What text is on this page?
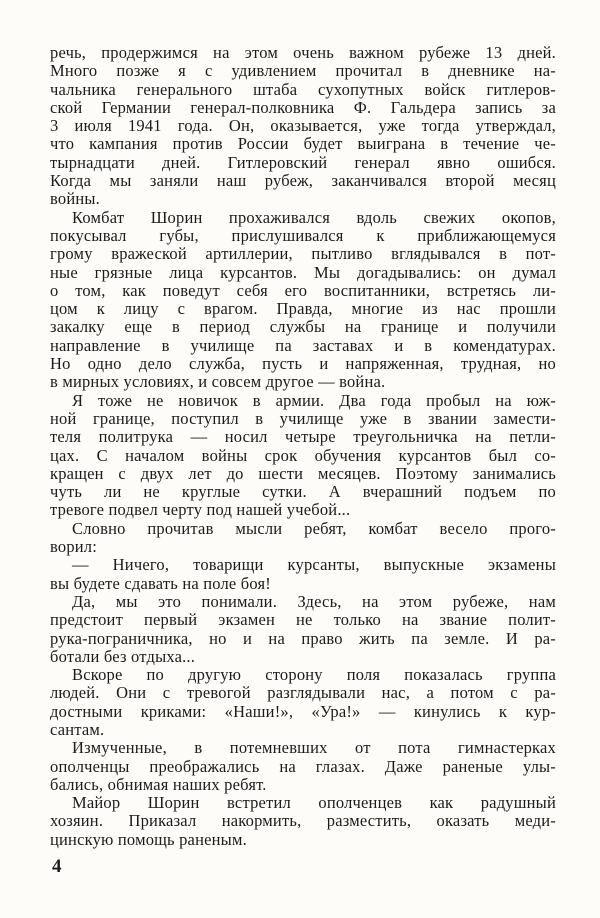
речь, продержимся на этом очень важном рубеже 13 дней.
Много позже я с удивлением прочитал в дневнике на-
чальника генерального штаба сухопутных войск гитлеров-
ской Германии генерал-полковника Ф. Гальдера запись за
3 июля 1941 года. Он, оказывается, уже тогда утверждал,
что кампания против России будет выиграна в течение че-
тырнадцати дней. Гитлеровский генерал явно ошибся.
Когда мы заняли наш рубеж, заканчивался второй месяц
войны.
Комбат Шорин прохаживался вдоль свежих окопов,
покусывал губы, прислушивался к приближающемуся
грому вражеской артиллерии, пытливо вглядывался в пот-
ные грязные лица курсантов. Мы догадывались: он думал
о том, как поведут себя его воспитанники, встретясь ли-
цом к лицу с врагом. Правда, многие из нас прошли
закалку еще в период службы на границе и получили
направление в училище па заставах и в комендатурах.
Но одно дело служба, пусть и напряженная, трудная, но
в мирных условиях, и совсем другое — война.
Я тоже не новичок в армии. Два года пробыл на юж-
ной границе, поступил в училище уже в звании замести-
теля политрука — носил четыре треугольничка на петли-
цах. С началом войны срок обучения курсантов был со-
кращен с двух лет до шести месяцев. Поэтому занимались
чуть ли не круглые сутки. А вчерашний подъем по
тревоге подвел черту под нашей учебой...
Словно прочитав мысли ребят, комбат весело прого-
ворил:
— Ничего, товарищи курсанты, выпускные экзамены
вы будете сдавать на поле боя!
Да, мы это понимали. Здесь, на этом рубеже, нам
предстоит первый экзамен не только на звание полит-
рука-пограничника, но и на право жить па земле. И ра-
ботали без отдыха...
Вскоре по другую сторону поля показалась группа
людей. Они с тревогой разглядывали нас, а потом с ра-
достными криками: «Наши!», «Ура!» — кинулись к кур-
сантам.
Измученные, в потемневших от пота гимнастерках
ополченцы преображались на глазах. Даже раненые улы-
бались, обнимая наших ребят.
Майор Шорин встретил ополченцев как радушный
хозяин. Приказал накормить, разместить, оказать меди-
цинскую помощь раненым.
4
